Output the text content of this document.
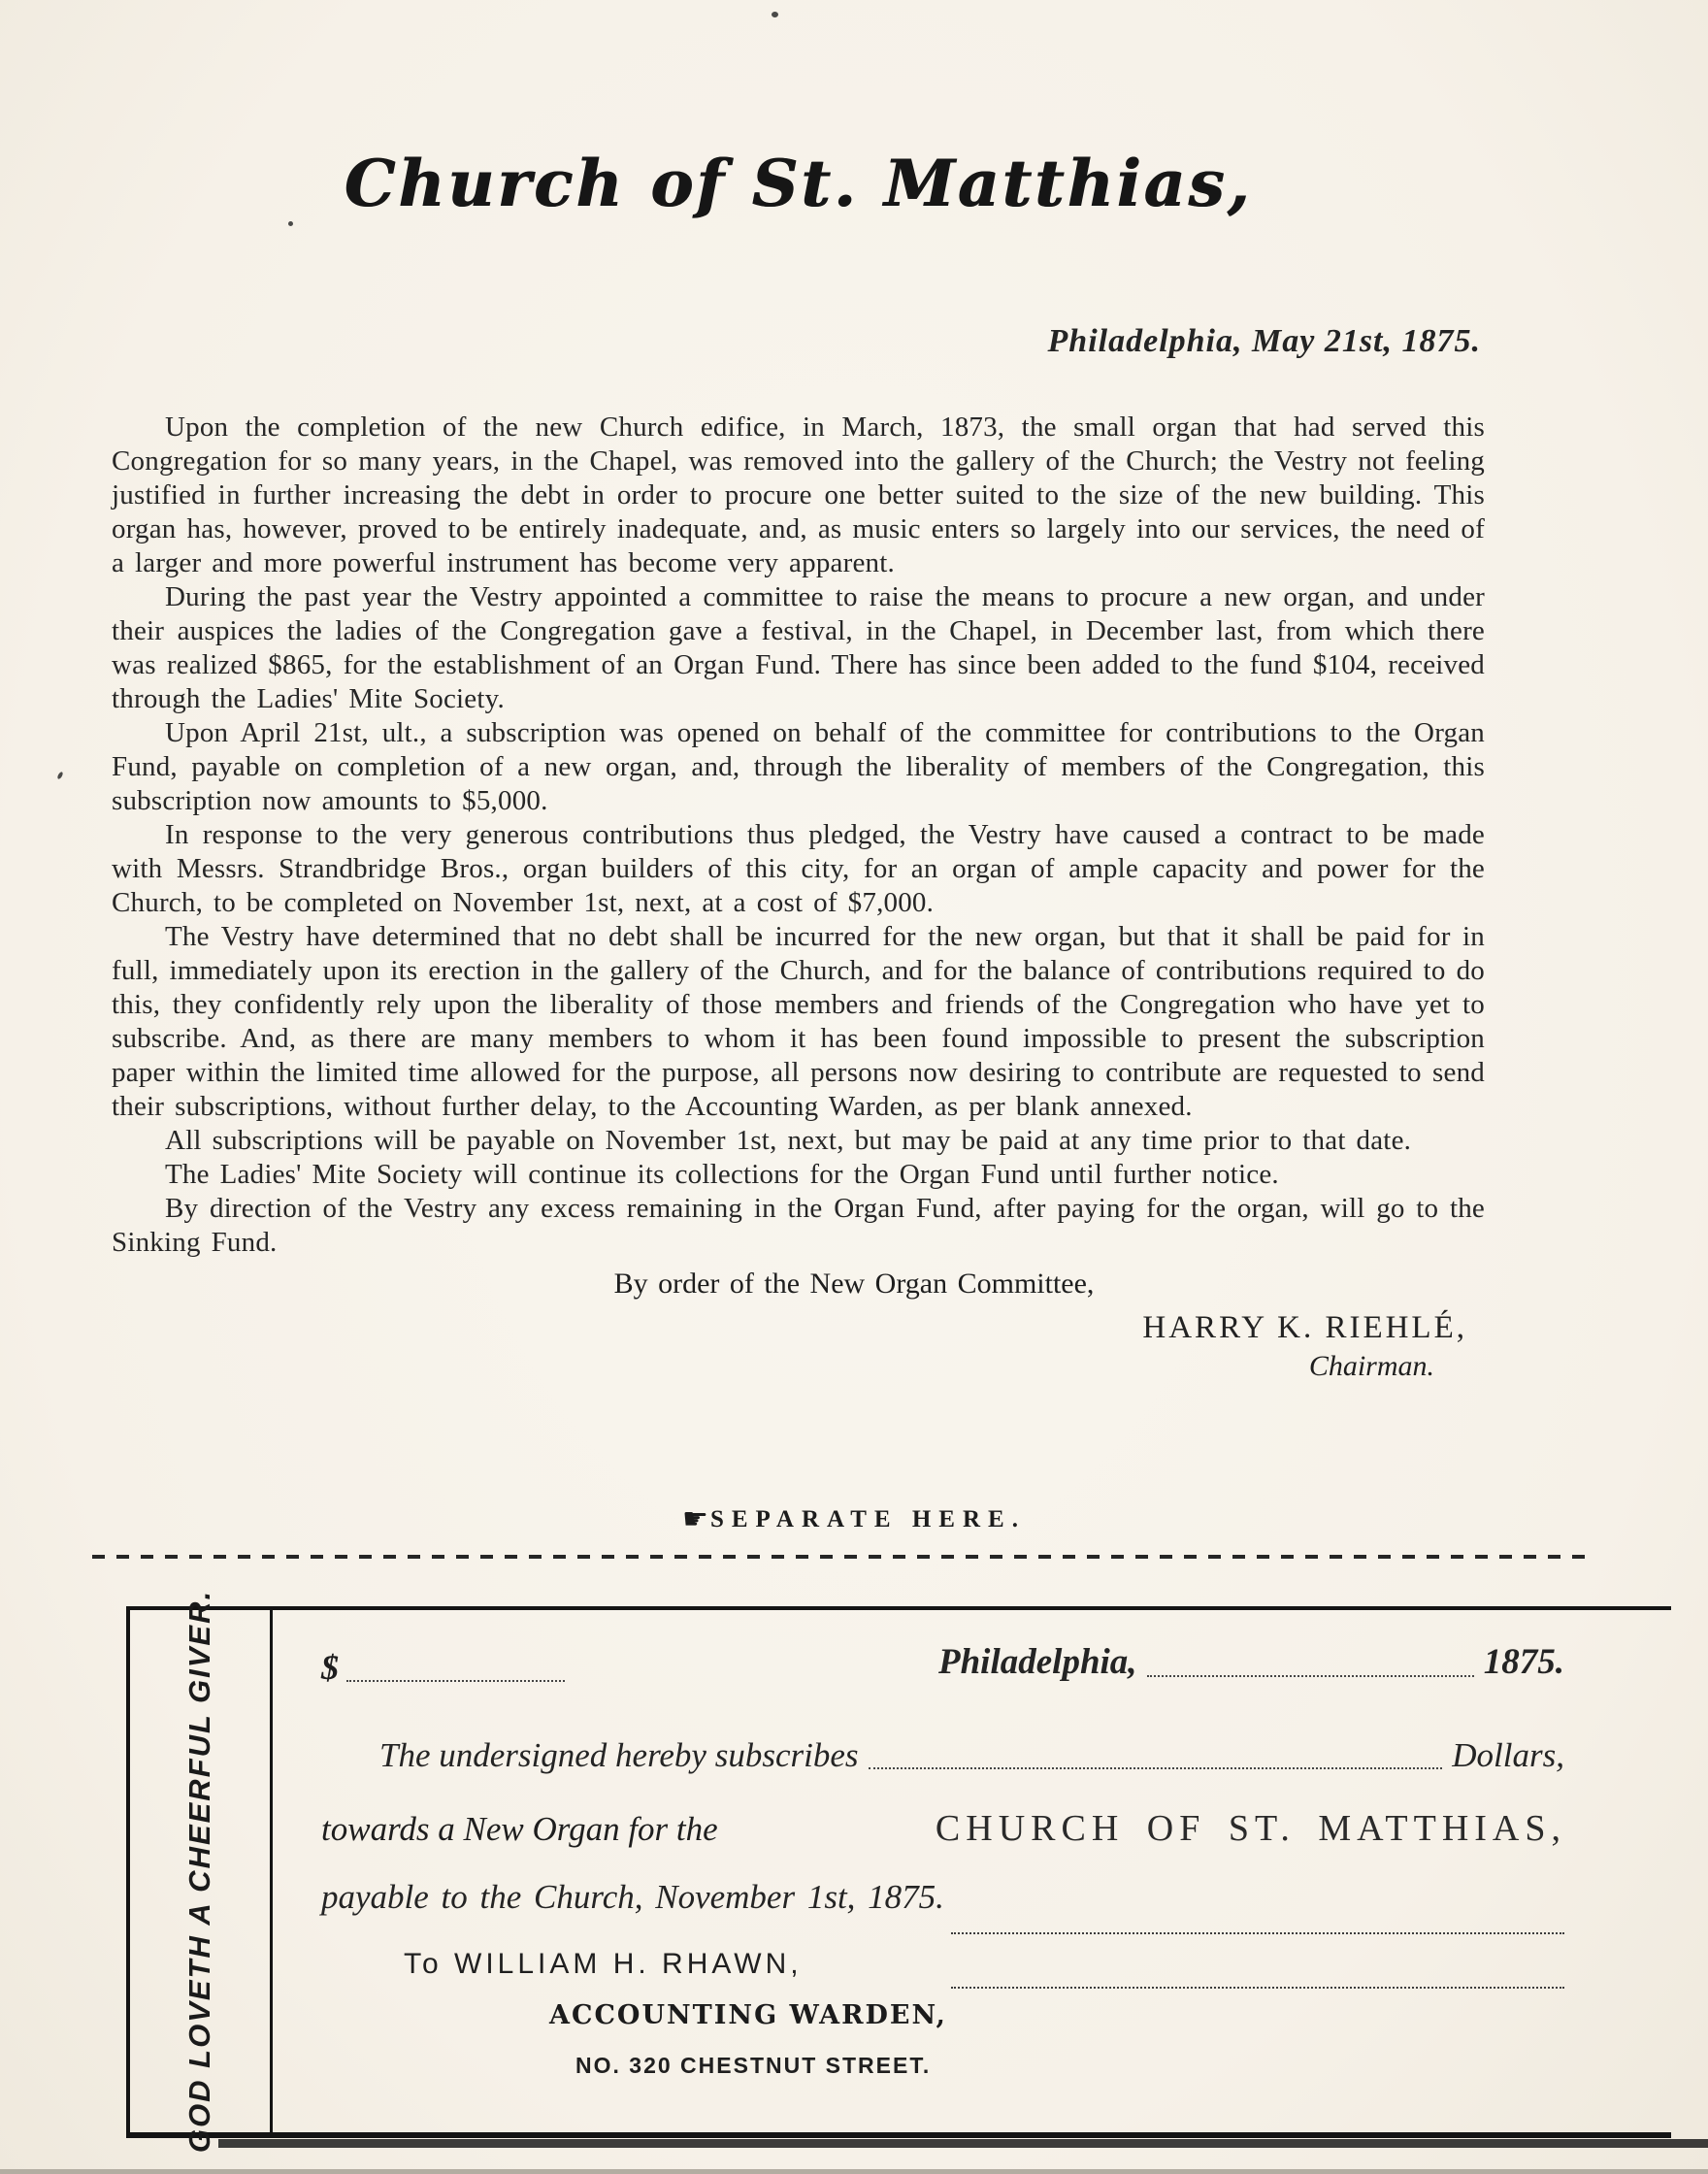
Church of St. Matthias,
Philadelphia, May 21st, 1875.

Upon the completion of the new Church edifice, in March, 1873, the small organ that had served this Congregation for so many years, in the Chapel, was removed into the gallery of the Church; the Vestry not feeling justified in further increasing the debt in order to procure one better suited to the size of the new building. This organ has, however, proved to be entirely inadequate, and, as music enters so largely into our services, the need of a larger and more powerful instrument has become very apparent.

During the past year the Vestry appointed a committee to raise the means to procure a new organ, and under their auspices the ladies of the Congregation gave a festival, in the Chapel, in December last, from which there was realized $865, for the establishment of an Organ Fund. There has since been added to the fund $104, received through the Ladies' Mite Society.

Upon April 21st, ult., a subscription was opened on behalf of the committee for contributions to the Organ Fund, payable on completion of a new organ, and, through the liberality of members of the Congregation, this subscription now amounts to $5,000.

In response to the very generous contributions thus pledged, the Vestry have caused a contract to be made with Messrs. Strandbridge Bros., organ builders of this city, for an organ of ample capacity and power for the Church, to be completed on November 1st, next, at a cost of $7,000.

The Vestry have determined that no debt shall be incurred for the new organ, but that it shall be paid for in full, immediately upon its erection in the gallery of the Church, and for the balance of contributions required to do this, they confidently rely upon the liberality of those members and friends of the Congregation who have yet to subscribe. And, as there are many members to whom it has been found impossible to present the subscription paper within the limited time allowed for the purpose, all persons now desiring to contribute are requested to send their subscriptions, without further delay, to the Accounting Warden, as per blank annexed.

All subscriptions will be payable on November 1st, next, but may be paid at any time prior to that date.

The Ladies' Mite Society will continue its collections for the Organ Fund until further notice.

By direction of the Vestry any excess remaining in the Organ Fund, after paying for the organ, will go to the Sinking Fund.

By order of the New Organ Committee,
HARRY K. RIEHLÉ,
Chairman.
☛SEPARATE HERE.
GOD LOVETH A CHEERFUL GIVER.	$	Philadelphia,	1875.
The undersigned hereby subscribes	Dollars,
towards a New Organ for the	CHURCH OF ST. MATTHIAS,
payable to the Church, November 1st, 1875.
To WILLIAM H. RHAWN,
ACCOUNTING WARDEN,
NO. 320 CHESTNUT STREET.
